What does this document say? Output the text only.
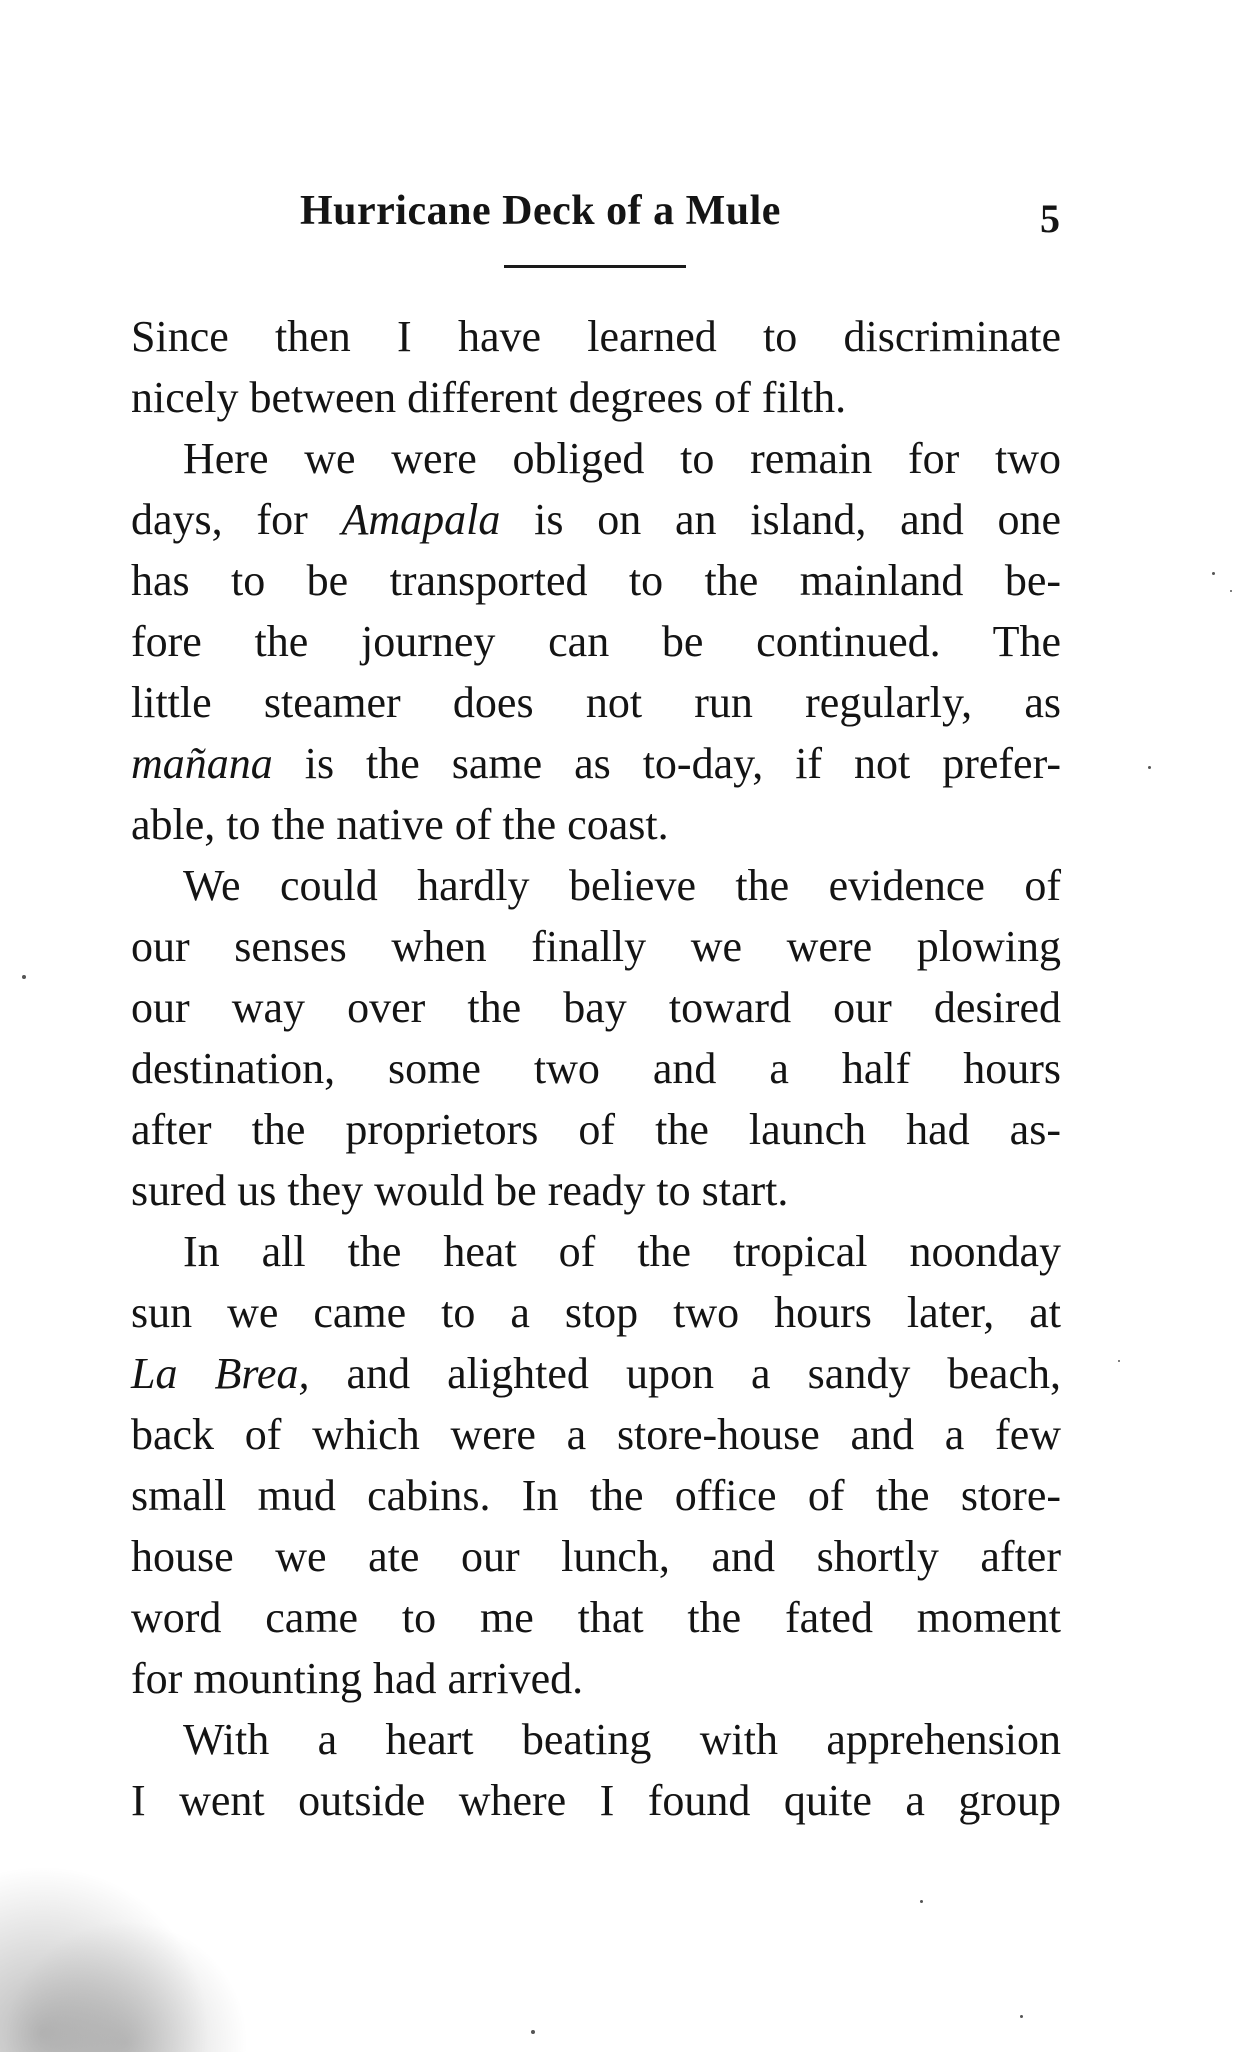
Hurricane Deck of a Mule	5
Since then I have learned to discriminate
nicely between different degrees of filth.
Here we were obliged to remain for two
days, for Amapala is on an island, and one
has to be transported to the mainland be-
fore the journey can be continued. The
little steamer does not run regularly, as
mañana is the same as to-day, if not prefer-
able, to the native of the coast.
We could hardly believe the evidence of
our senses when finally we were plowing
our way over the bay toward our desired
destination, some two and a half hours
after the proprietors of the launch had as-
sured us they would be ready to start.
In all the heat of the tropical noonday
sun we came to a stop two hours later, at
La Brea, and alighted upon a sandy beach,
back of which were a store-house and a few
small mud cabins. In the office of the store-
house we ate our lunch, and shortly after
word came to me that the fated moment
for mounting had arrived.
With a heart beating with apprehension
I went outside where I found quite a group
